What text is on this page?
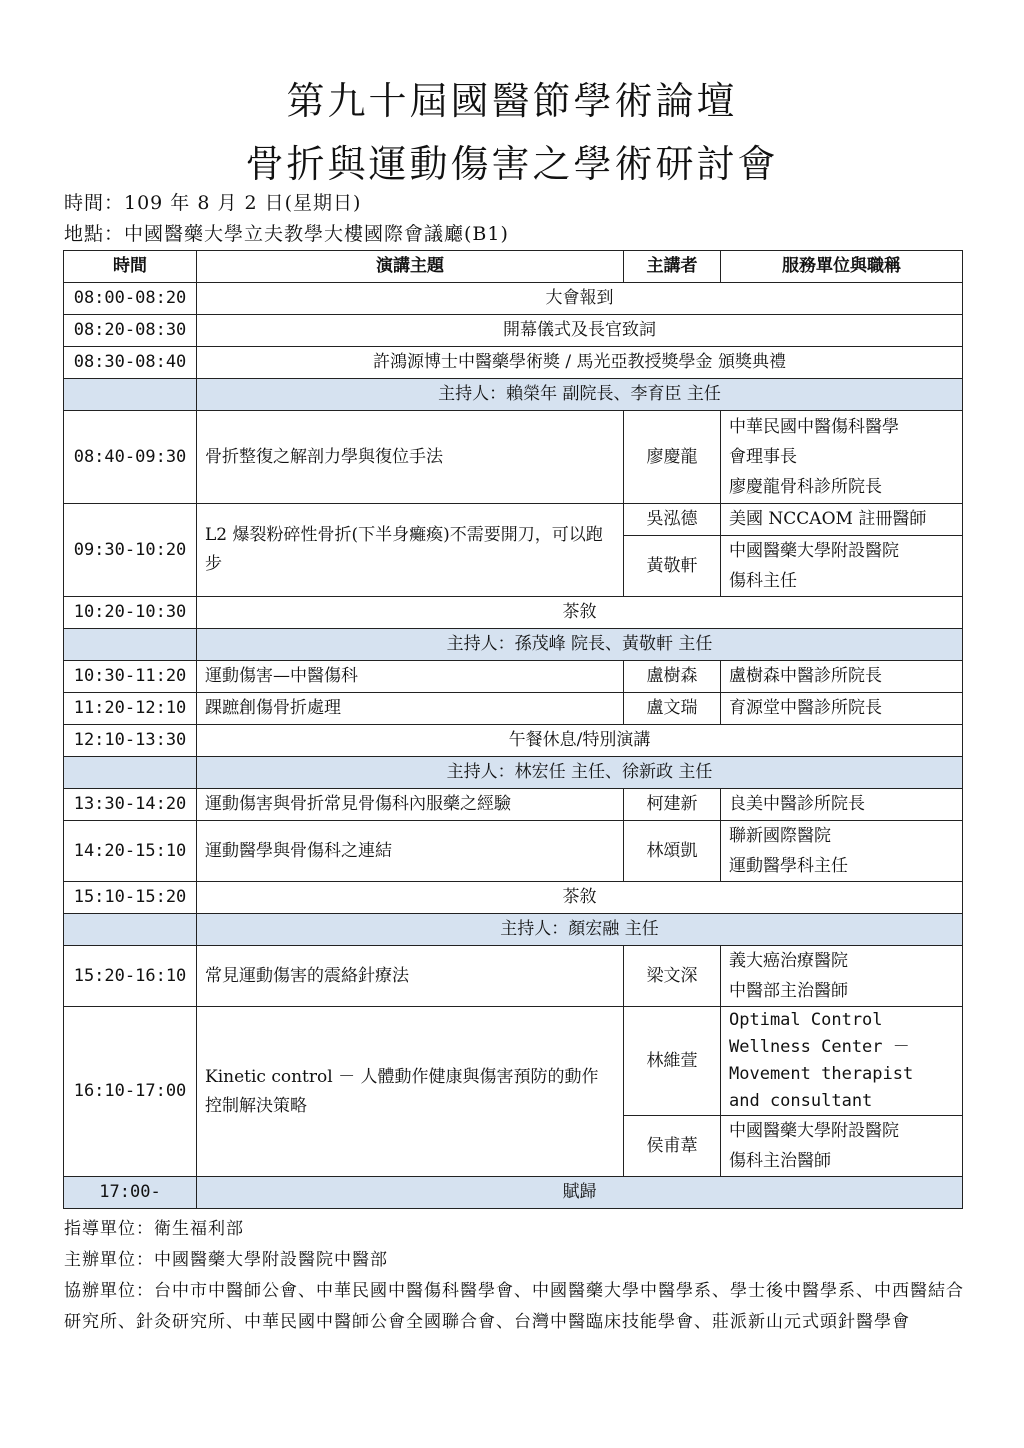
第九十屆國醫節學術論壇
骨折與運動傷害之學術研討會
時間：109 年 8 月 2 日(星期日)
地點：中國醫藥大學立夫教學大樓國際會議廳(B1)
時間	演講主題	主講者	服務單位與職稱
08:00-08:20	大會報到		
08:20-08:30	開幕儀式及長官致詞		
08:30-08:40	許鴻源博士中醫藥學術獎 / 馬光亞教授獎學金 頒獎典禮		
	主持人：賴榮年 副院長、李育臣 主任		
08:40-09:30	骨折整復之解剖力學與復位手法	廖慶龍	中華民國中醫傷科醫學
會理事長
廖慶龍骨科診所院長

09:30-10:20	L2 爆裂粉碎性骨折(下半身癱瘓)不需要開刀，可以跑步	吳泓德	美國 NCCAOM 註冊醫師
		黃敬軒	中國醫藥大學附設醫院
傷科主任

10:20-10:30	茶敘		
	主持人：孫茂峰 院長、黃敬軒 主任		
10:30-11:20	運動傷害—中醫傷科	盧樹森	盧樹森中醫診所院長
11:20-12:10	踝蹠創傷骨折處理	盧文瑞	育源堂中醫診所院長
12:10-13:30	午餐休息/特別演講		
	主持人：林宏任 主任、徐新政 主任		
13:30-14:20	運動傷害與骨折常見骨傷科內服藥之經驗	柯建新	良美中醫診所院長
14:20-15:10	運動醫學與骨傷科之連結	林頌凱	聯新國際醫院
運動醫學科主任

15:10-15:20	茶敘		
	主持人：顏宏融 主任		
15:20-16:10	常見運動傷害的震絡針療法	梁文深	義大癌治療醫院
中醫部主治醫師

16:10-17:00	Kinetic control － 人體動作健康與傷害預防的動作控制解決策略	林維萱	Optimal Control
Wellness Center －
Movement therapist
and consultant

		侯甫葦	中國醫藥大學附設醫院
傷科主治醫師

17:00-	賦歸		
指導單位：衛生福利部
主辦單位：中國醫藥大學附設醫院中醫部
協辦單位：台中市中醫師公會、中華民國中醫傷科醫學會、中國醫藥大學中醫學系、學士後中醫學系、中西醫結合研究所、針灸研究所、中華民國中醫師公會全國聯合會、台灣中醫臨床技能學會、莊派新山元式頭針醫學會
